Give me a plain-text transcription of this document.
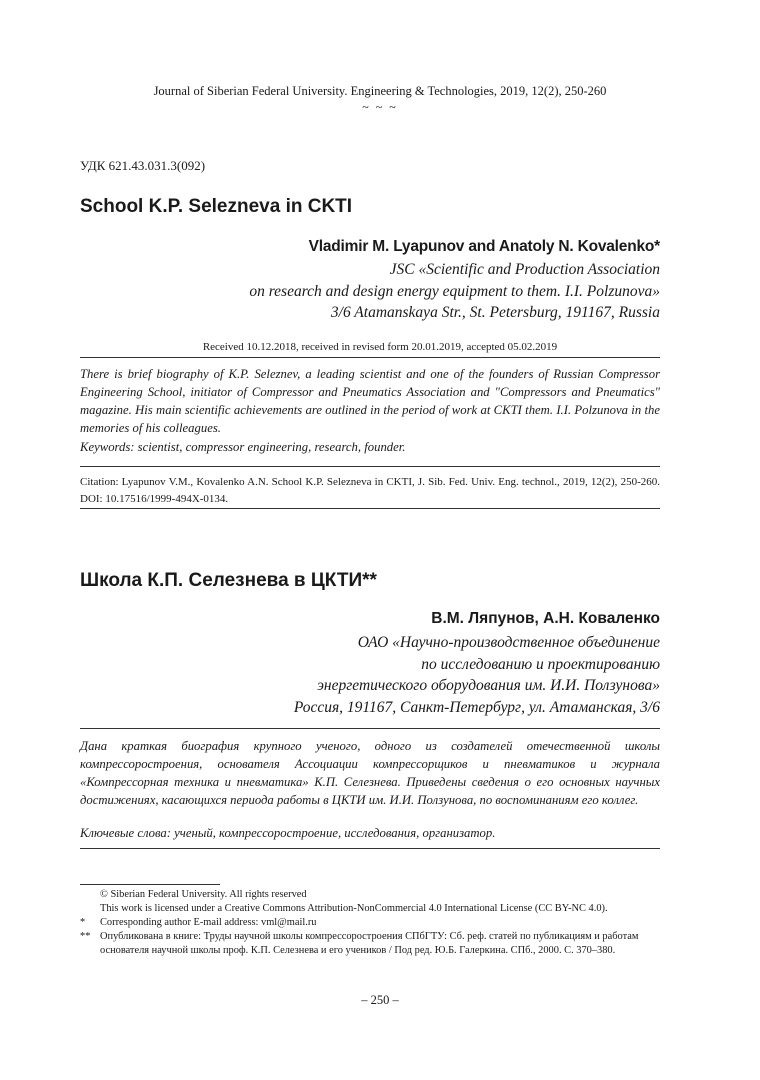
Journal of Siberian Federal University. Engineering & Technologies, 2019, 12(2), 250-260
~ ~ ~
УДК 621.43.031.3(092)
School K.P. Selezneva in CKTI
Vladimir M. Lyapunov and Anatoly N. Kovalenko*
JSC «Scientific and Production Association
on research and design energy equipment to them. I.I. Polzunova»
3/6 Atamanskaya Str., St. Petersburg, 191167, Russia
Received 10.12.2018, received in revised form 20.01.2019, accepted 05.02.2019
There is brief biography of K.P. Seleznev, a leading scientist and one of the founders of Russian Compressor Engineering School, initiator of Compressor and Pneumatics Association and "Compressors and Pneumatics" magazine. His main scientific achievements are outlined in the period of work at CKTI them. I.I. Polzunova in the memories of his colleagues.
Keywords: scientist, compressor engineering, research, founder.
Citation: Lyapunov V.M., Kovalenko A.N. School K.P. Selezneva in CKTI, J. Sib. Fed. Univ. Eng. technol., 2019, 12(2), 250-260. DOI: 10.17516/1999-494X-0134.
Школа К.П. Селезнева в ЦКТИ**
В.М. Ляпунов, А.Н. Коваленко
ОАО «Научно-производственное объединение
по исследованию и проектированию
энергетического оборудования им. И.И. Ползунова»
Россия, 191167, Санкт-Петербург, ул. Атаманская, 3/6
Дана краткая биография крупного ученого, одного из создателей отечественной школы компрессоростроения, основателя Ассоциации компрессорщиков и пневматиков и журнала «Компрессорная техника и пневматика» К.П. Селезнева. Приведены сведения о его основных научных достижениях, касающихся периода работы в ЦКТИ им. И.И. Ползунова, по воспоминаниям его коллег.
Ключевые слова: ученый, компрессоростроение, исследования, организатор.
© Siberian Federal University. All rights reserved
This work is licensed under a Creative Commons Attribution-NonCommercial 4.0 International License (CC BY-NC 4.0).
*	Corresponding author E-mail address: vml@mail.ru
** Опубликована в книге: Труды научной школы компрессоростроения СПбГТУ: Сб. реф. статей по публикациям и работам основателя научной школы проф. К.П. Селезнева и его учеников / Под ред. Ю.Б. Галеркина. СПб., 2000. С. 370–380.
– 250 –
